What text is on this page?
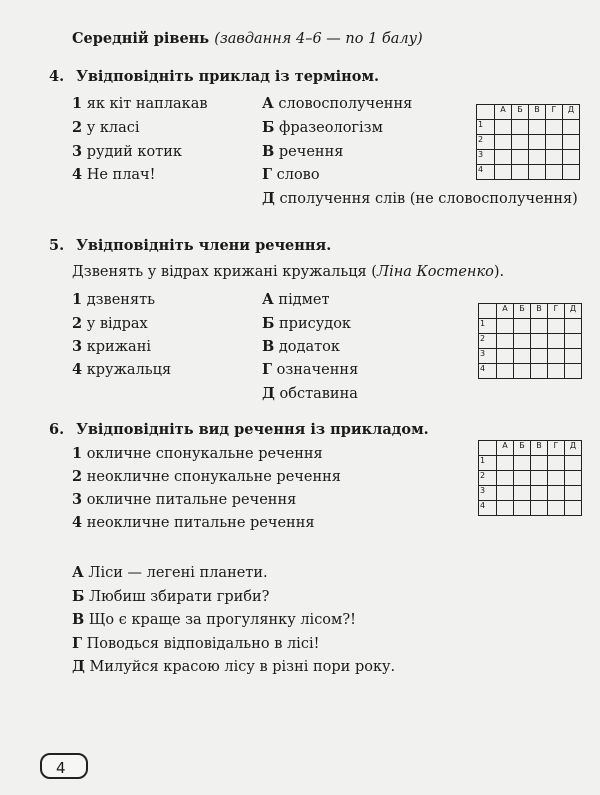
Середній рівень (завдання 4–6 — по 1 балу)
4. Увідповідніть приклад із терміном.
1 як кіт наплакав
2 у класі
3 рудий котик
4 Не плач!
А словосполучення
Б фразеологізм
В речення
Г слово
Д сполучення слів (не словосполучення)
	А	Б	В	Г	Д
1					
2					
3					
4					
5. Увідповідніть члени речення.
Дзвенять у відрах крижані кружальця (Ліна Костенко).
1 дзвенять
2 у відрах
3 крижані
4 кружальця
А підмет
Б присудок
В додаток
Г означення
Д обставина
	А	Б	В	Г	Д
1					
2					
3					
4					
6. Увідповідніть вид речення із прикладом.
1 окличне спонукальне речення
2 неокличне спонукальне речення
3 окличне питальне речення
4 неокличне питальне речення
	А	Б	В	Г	Д
1					
2					
3					
4					
А Ліси — легені планети.
Б Любиш збирати гриби?
В Що є краще за прогулянку лісом?!
Г Поводься відповідально в лісі!
Д Милуйся красою лісу в різні пори року.
4
